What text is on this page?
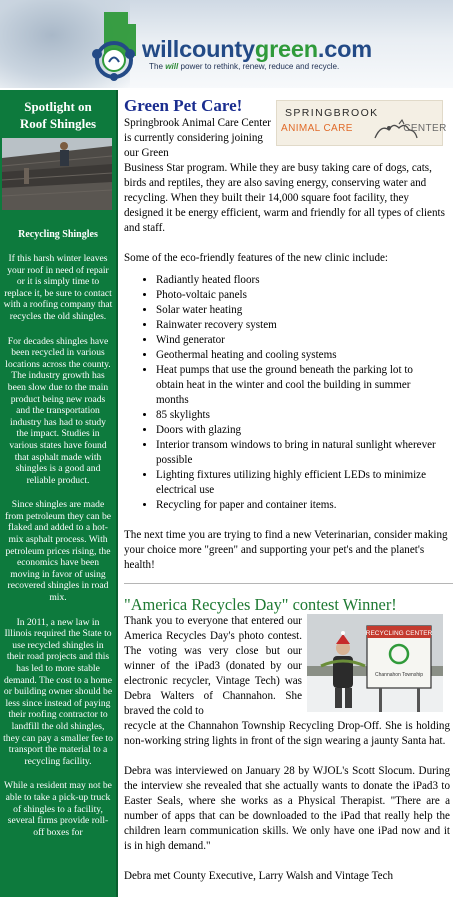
willcountygreen.com
The will power to rethink, renew, reduce and recycle.
Spotlight on
Roof Shingles
Recycling Shingles

If this harsh winter leaves your roof in need of repair or it is simply time to replace it, be sure to contact with a roofing company that recycles the old shingles.

For decades shingles have been recycled in various locations across the county. The industry growth has been slow due to the main product being new roads and the transportation industry has had to study the impact. Studies in various states have found that asphalt made with shingles is a good and reliable product.

Since shingles are made from petroleum they can be flaked and added to a hot-mix asphalt process. With petroleum prices rising, the economics have been moving in favor of using recovered shingles in road mix.

In 2011, a new law in Illinois required the State to use recycled shingles in their road projects and this has led to more stable demand. The cost to a home or building owner should be less since instead of paying their roofing contractor to landfill the old shingles, they can pay a smaller fee to transport the material to a recycling facility.

While a resident may not be able to take a pick-up truck of shingles to a facility, several firms provide roll-off boxes for

SPRINGBROOK
ANIMAL CARE	CENTER
Green Pet Care!
Springbrook Animal Care Center is currently considering joining our Green
Business Star program. While they are busy taking care of dogs, cats, birds and reptiles, they are also saving energy, conserving water and recycling. When they built their 14,000 square foot facility, they designed it be energy efficient, warm and friendly for all types of clients and staff.
Some of the eco-friendly features of the new clinic include:
• Radiantly heated floors
• Photo-voltaic panels
• Solar water heating
• Rainwater recovery system
• Wind generator
• Geothermal heating and cooling systems
• Heat pumps that use the ground beneath the parking lot to obtain heat in the winter and cool the building in summer months
• 85 skylights
• Doors with glazing
• Interior transom windows to bring in natural sunlight wherever possible
• Lighting fixtures utilizing highly efficient LEDs to minimize electrical use
• Recycling for paper and container items.
The next time you are trying to find a new Veterinarian, consider making your choice more "green" and supporting your pet's and the planet's health!
"America Recycles Day" contest Winner!
RECYCLING CENTER
Channahon Township
Thank you to everyone that entered our America Recycles Day's photo contest. The voting was very close but our winner of the iPad3 (donated by our electronic recycler, Vintage Tech) was Debra Walters of Channahon. She braved the cold to
recycle at the Channahon Township Recycling Drop-Off. She is holding non-working string lights in front of the sign wearing a jaunty Santa hat.
Debra was interviewed on January 28 by WJOL's Scott Slocum. During the interview she revealed that she actually wants to donate the iPad3 to Easter Seals, where she works as a Physical Therapist. "There are a number of apps that can be downloaded to the iPad that really help the children learn communication skills. We only have one iPad now and it is in high demand."
Debra met County Executive, Larry Walsh and Vintage Tech
